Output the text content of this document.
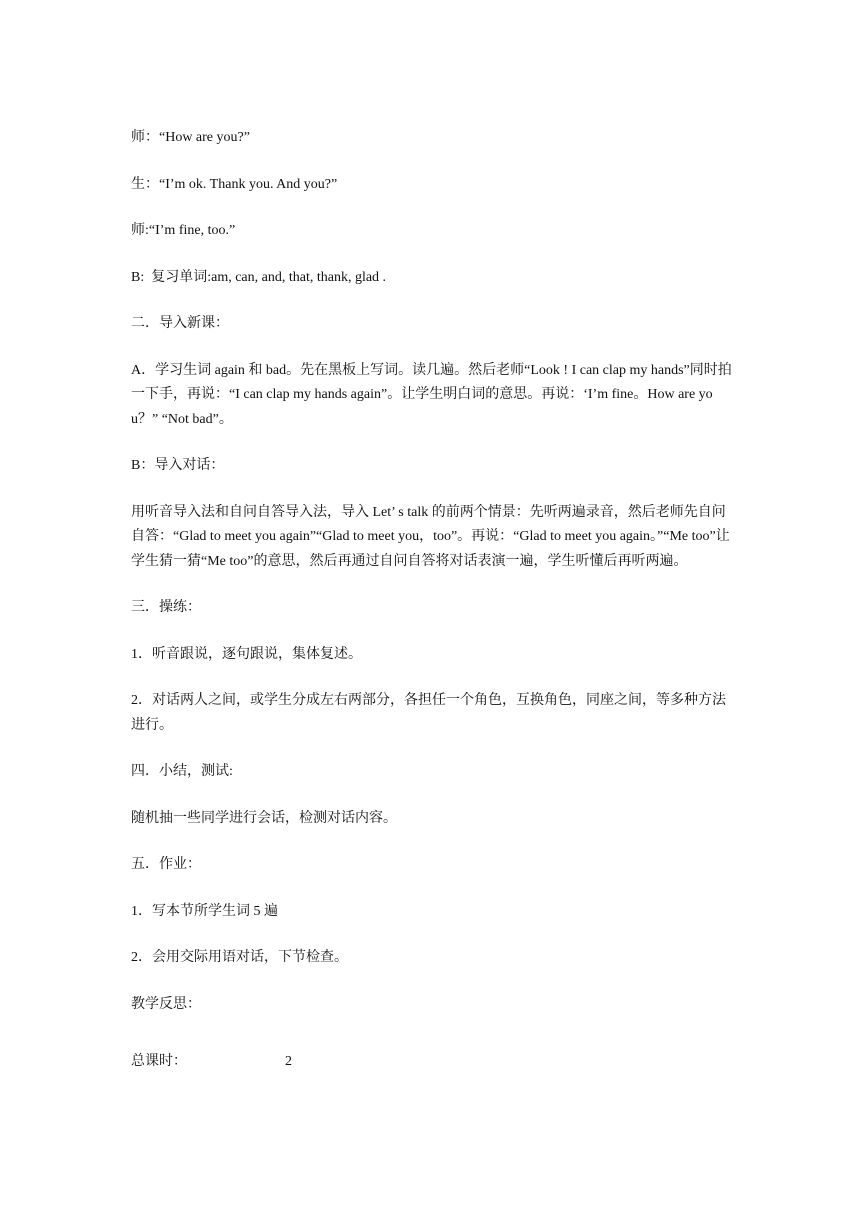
师：“How are you?”

生：“I’m ok. Thank you. And you?”

师:“I’m fine, too.”

B:  复习单词:am, can, and, that, thank, glad .

二．导入新课：

A．学习生词 again 和 bad。先在黑板上写词。读几遍。然后老师“Look ! I can clap my hands”同时拍一下手，再说：“I can clap my hands again”。让学生明白词的意思。再说：‘I’m fine。How are you？” “Not bad”。

B：导入对话：

用听音导入法和自问自答导入法，导入 Let’ s talk 的前两个情景：先听两遍录音，然后老师先自问自答：“Glad to meet you again”“Glad to meet you，too”。再说：“Glad to meet you again。”“Me too”让学生猜一猜“Me too”的意思，然后再通过自问自答将对话表演一遍，学生听懂后再听两遍。

三．操练：

1．听音跟说，逐句跟说，集体复述。

2．对话两人之间，或学生分成左右两部分，各担任一个角色，互换角色，同座之间，等多种方法进行。

四．小结，测试:

随机抽一些同学进行会话，检测对话内容。

五．作业：

1．写本节所学生词 5 遍

2．会用交际用语对话，下节检查。

教学反思：

总课时：	2
